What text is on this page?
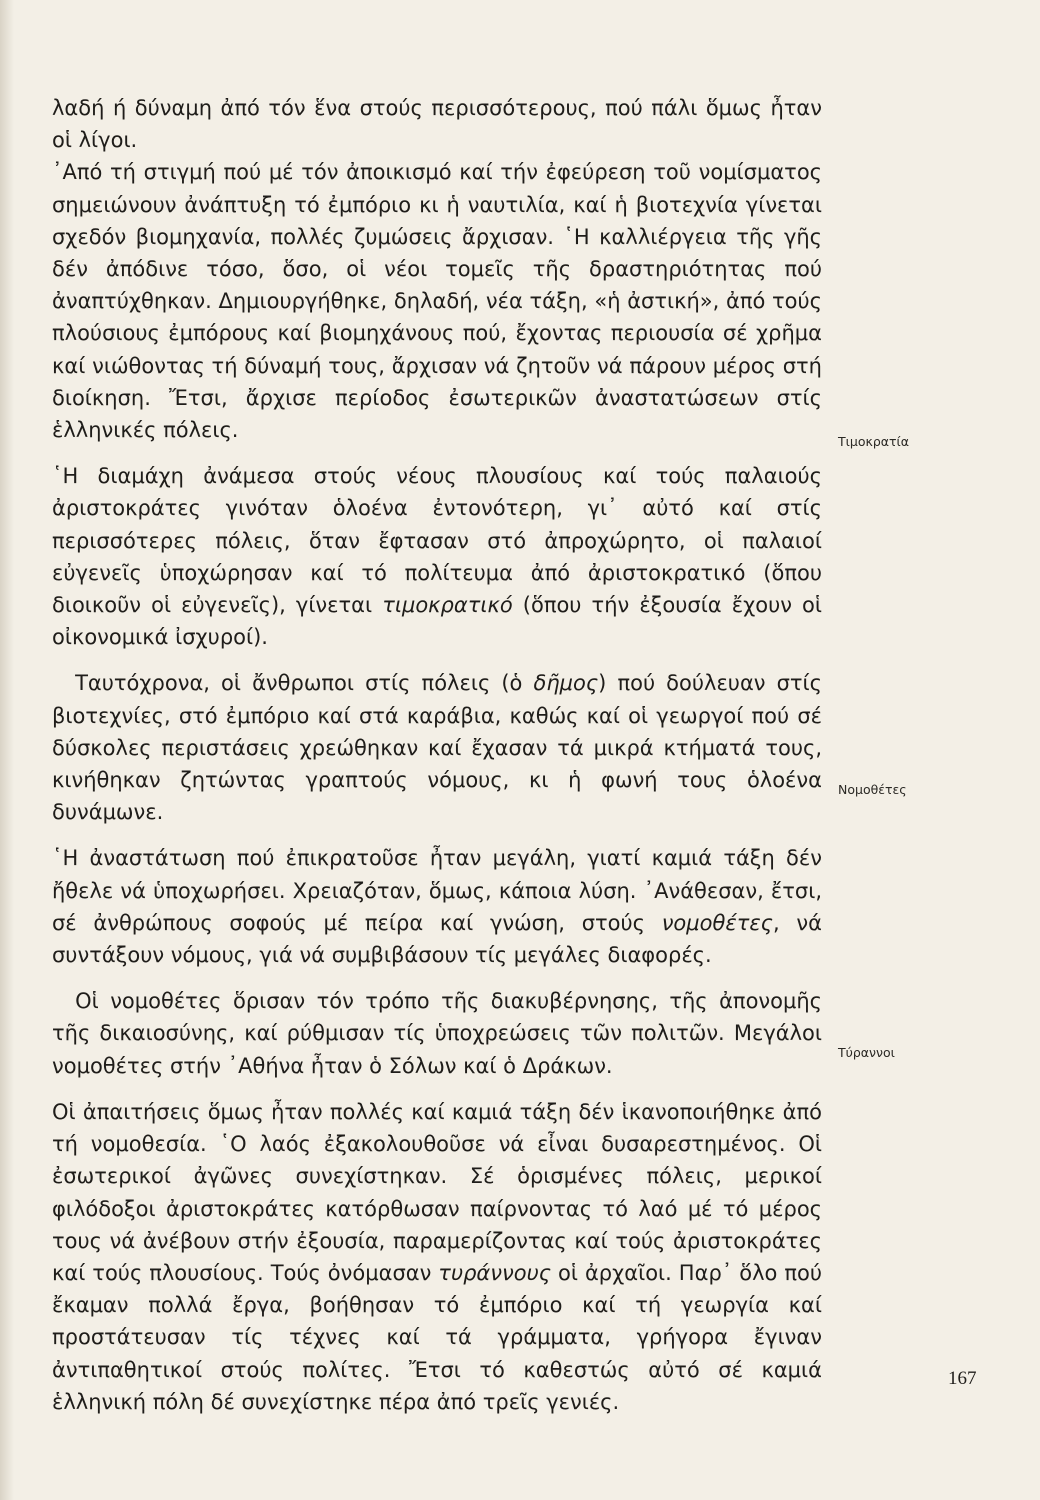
λαδή ή δύναμη ἀπό τόν ἕνα στούς περισσότερους, πού πάλι ὅμως ἦταν οἱ λίγοι.

᾿Από τή στιγμή πού μέ τόν ἀποικισμό καί τήν ἐφεύρεση τοῦ νομίσματος σημειώνουν ἀνάπτυξη τό ἐμπόριο κι ἡ ναυτιλία, καί ἡ βιοτεχνία γίνεται σχεδόν βιομηχανία, πολλές ζυμώσεις ἄρχισαν. ῾Η καλλιέργεια τῆς γῆς δέν ἀπόδινε τόσο, ὅσο, οἱ νέοι τομεῖς τῆς δραστηριότητας πού ἀναπτύχθηκαν. Δημιουργήθηκε, δηλαδή, νέα τάξη, «ἡ ἀστική», ἀπό τούς πλούσιους ἐμπόρους καί βιομηχάνους πού, ἔχοντας περιουσία σέ χρῆμα καί νιώθοντας τή δύναμή τους, ἄρχισαν νά ζητοῦν νά πάρουν μέρος στή διοίκηση. Ἔτσι, ἄρχισε περίοδος ἐσωτερικῶν ἀναστατώσεων στίς ἑλληνικές πόλεις.

῾Η διαμάχη ἀνάμεσα στούς νέους πλουσίους καί τούς παλαιούς ἀριστοκράτες γινόταν ὁλοένα ἐντονότερη, γι᾿ αὐτό καί στίς περισσότερες πόλεις, ὅταν ἔφτασαν στό ἀπροχώρητο, οἱ παλαιοί εὐγενεῖς ὑποχώρησαν καί τό πολίτευμα ἀπό ἀριστοκρατικό (ὅπου διοικοῦν οἱ εὐγενεῖς), γίνεται τιμοκρατικό (ὅπου τήν ἐξουσία ἔχουν οἱ οἰκονομικά ἰσχυροί).

Ταυτόχρονα, οἱ ἄνθρωποι στίς πόλεις (ὁ δῆμος) πού δούλευαν στίς βιοτεχνίες, στό ἐμπόριο καί στά καράβια, καθώς καί οἱ γεωργοί πού σέ δύσκολες περιστάσεις χρεώθηκαν καί ἔχασαν τά μικρά κτήματά τους, κινήθηκαν ζητώντας γραπτούς νόμους, κι ἡ φωνή τους ὁλοένα δυνάμωνε.

῾Η ἀναστάτωση πού ἐπικρατοῦσε ἦταν μεγάλη, γιατί καμιά τάξη δέν ἤθελε νά ὑποχωρήσει. Χρειαζόταν, ὅμως, κάποια λύση. ᾿Ανάθεσαν, ἔτσι, σέ ἀνθρώπους σοφούς μέ πείρα καί γνώση, στούς νομοθέτες, νά συντάξουν νόμους, γιά νά συμβιβάσουν τίς μεγάλες διαφορές.

Οἱ νομοθέτες ὅρισαν τόν τρόπο τῆς διακυβέρνησης, τῆς ἀπονομῆς τῆς δικαιοσύνης, καί ρύθμισαν τίς ὑποχρεώσεις τῶν πολιτῶν. Μεγάλοι νομοθέτες στήν ᾿Αθήνα ἦταν ὁ Σόλων καί ὁ Δράκων.

Οἱ ἀπαιτήσεις ὅμως ἦταν πολλές καί καμιά τάξη δέν ἱκανοποιήθηκε ἀπό τή νομοθεσία. ῾Ο λαός ἐξακολουθοῦσε νά εἶναι δυσαρεστημένος. Οἱ ἐσωτερικοί ἀγῶνες συνεχίστηκαν. Σέ ὁρισμένες πόλεις, μερικοί φιλόδοξοι ἀριστοκράτες κατόρθωσαν παίρνοντας τό λαό μέ τό μέρος τους νά ἀνέβουν στήν ἐξουσία, παραμερίζοντας καί τούς ἀριστοκράτες καί τούς πλουσίους. Τούς ὀνόμασαν τυράννους οἱ ἀρχαῖοι. Παρ᾿ ὅλο πού ἔκαμαν πολλά ἔργα, βοήθησαν τό ἐμπόριο καί τή γεωργία καί προστάτευσαν τίς τέχνες καί τά γράμματα, γρήγορα ἔγιναν ἀντιπαθητικοί στούς πολίτες. Ἔτσι τό καθεστώς αὐτό σέ καμιά ἑλληνική πόλη δέ συνεχίστηκε πέρα ἀπό τρεῖς γενιές.

Τιμοκρατία
Νομοθέτες
Τύραννοι
167
